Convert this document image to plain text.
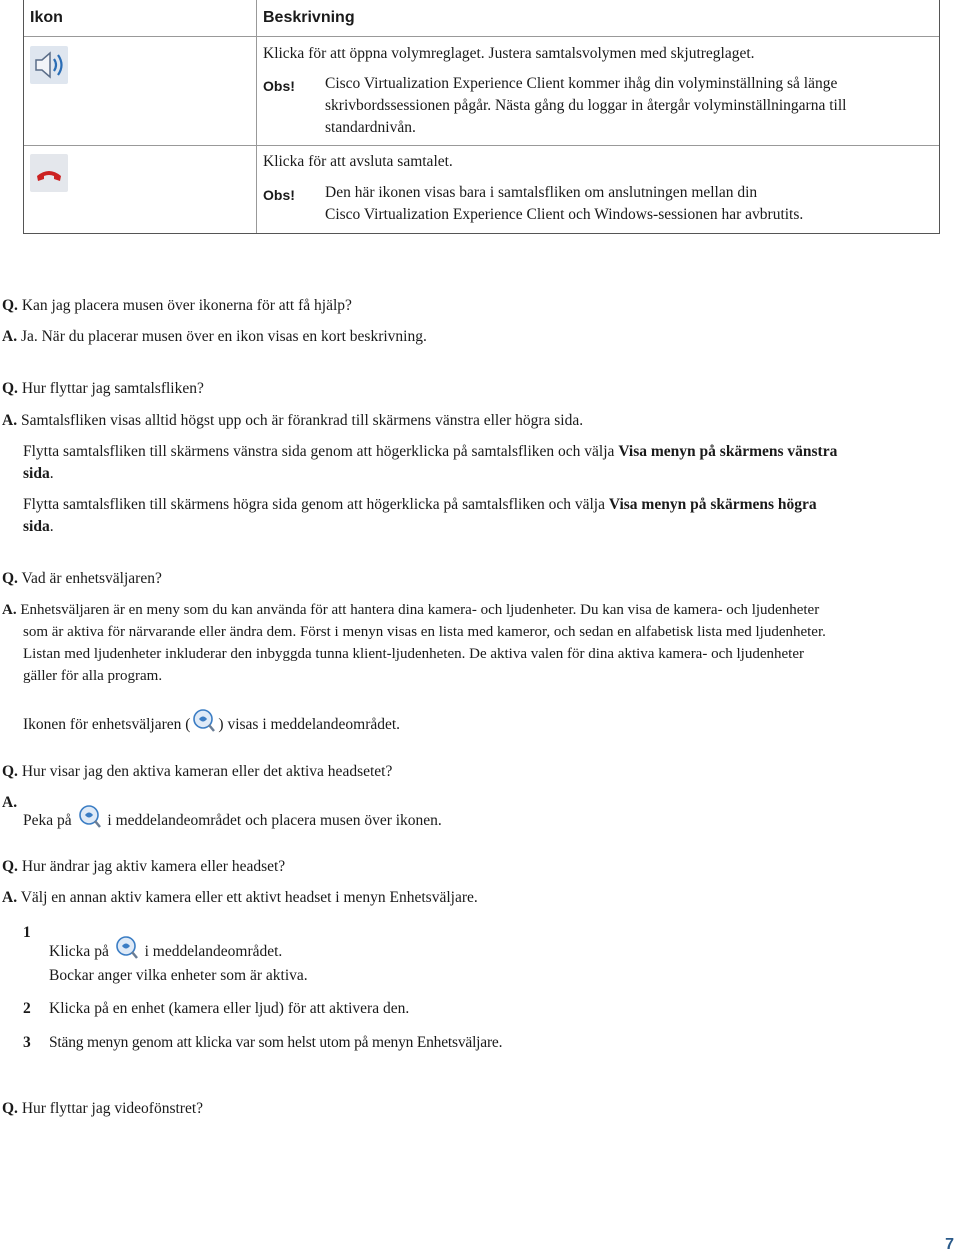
Ikon	Beskrivning
Klicka för att öppna volymreglaget. Justera samtalsvolymen med skjutreglaget.
Obs! Cisco Virtualization Experience Client kommer ihåg din volyminställning så länge
skrivbordssessionen pågår. Nästa gång du loggar in återgår volyminställningarna till
standardnivån.
Klicka för att avsluta samtalet.
Obs! Den här ikonen visas bara i samtalsfliken om anslutningen mellan din
Cisco Virtualization Experience Client och Windows-sessionen har avbrutits.
Q. Kan jag placera musen över ikonerna för att få hjälp?
A. Ja. När du placerar musen över en ikon visas en kort beskrivning.
Q. Hur flyttar jag samtalsfliken?
A. Samtalsfliken visas alltid högst upp och är förankrad till skärmens vänstra eller högra sida.
Flytta samtalsfliken till skärmens vänstra sida genom att högerklicka på samtalsfliken och välja Visa menyn på skärmens vänstra
sida.
Flytta samtalsfliken till skärmens högra sida genom att högerklicka på samtalsfliken och välja Visa menyn på skärmens högra
sida.
Q. Vad är enhetsväljaren?
A. Enhetsväljaren är en meny som du kan använda för att hantera dina kamera- och ljudenheter. Du kan visa de kamera- och ljudenheter
som är aktiva för närvarande eller ändra dem. Först i menyn visas en lista med kameror, och sedan en alfabetisk lista med ljudenheter.
Listan med ljudenheter inkluderar den inbyggda tunna klient-ljudenheten. De aktiva valen för dina aktiva kamera- och ljudenheter
gäller för alla program.
Ikonen för enhetsväljaren ( ) visas i meddelandeområdet.
Q. Hur visar jag den aktiva kameran eller det aktiva headsetet?
A.
Peka på i meddelandeområdet och placera musen över ikonen.
Q. Hur ändrar jag aktiv kamera eller headset?
A. Välj en annan aktiv kamera eller ett aktivt headset i menyn Enhetsväljare.
1
Klicka på i meddelandeområdet.
Bockar anger vilka enheter som är aktiva.
2 Klicka på en enhet (kamera eller ljud) för att aktivera den.
3 Stäng menyn genom att klicka var som helst utom på menyn Enhetsväljare.
Q. Hur flyttar jag videofönstret?
7
